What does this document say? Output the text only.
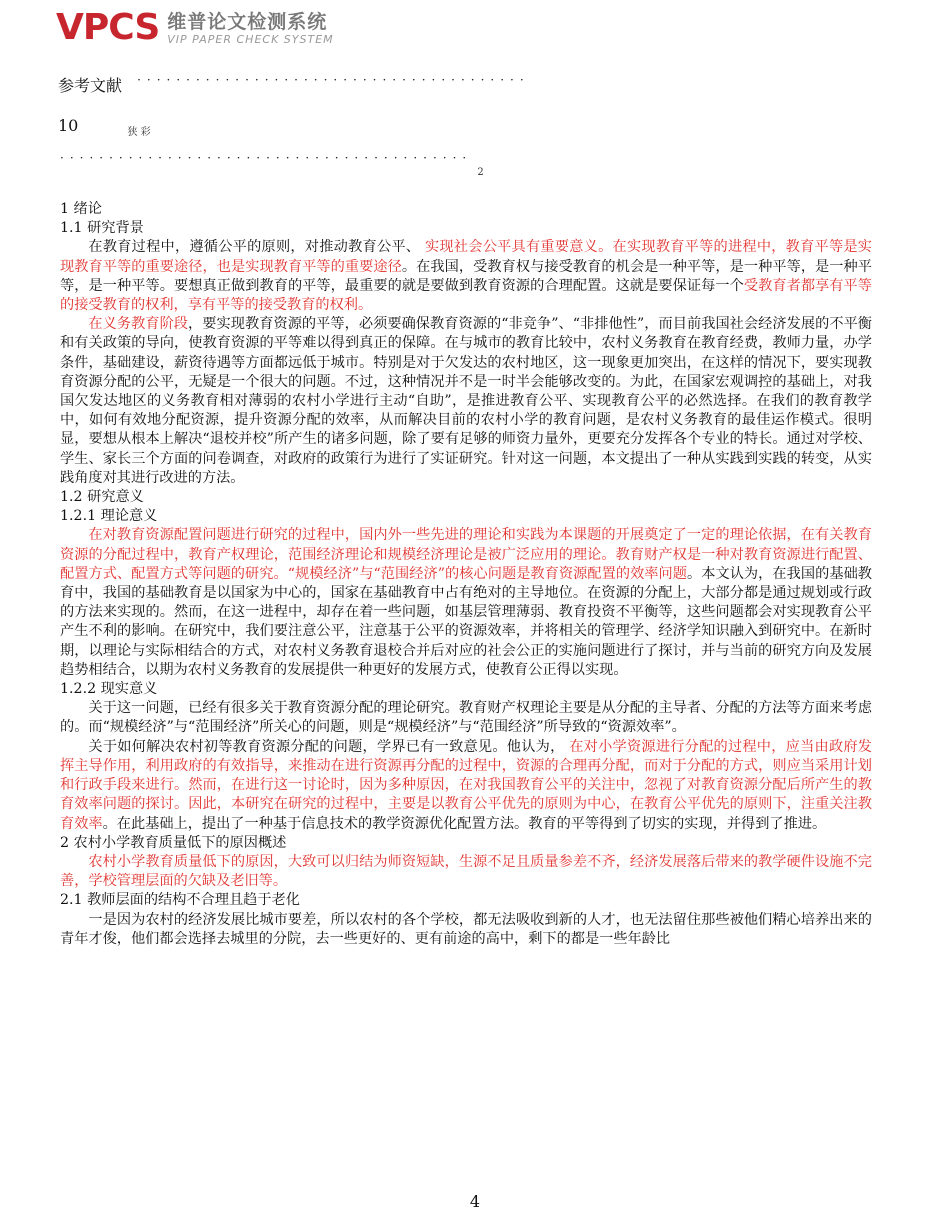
VPCS 维普论文检测系统
VIP PAPER CHECK SYSTEM
参考文献 ········································
10	$_{狭 彩}$
·········································· $_2$
1 绪论
1.1 研究背景

在教育过程中，遵循公平的原则，对推动教育公平、 实现社会公平具有重要意义。在实现教育平等的进程中，教育平等是实现教育平等的重要途径，也是实现教育平等的重要途径。在我国，受教育权与接受教育的机会是一种平等，是一种平等，是一种平等，是一种平等。要想真正做到教育的平等，最重要的就是要做到教育资源的合理配置。这就是要保证每一个受教育者都享有平等的接受教育的权利，享有平等的接受教育的权利。

在义务教育阶段，要实现教育资源的平等，必须要确保教育资源的“非竞争”、“非排他性”，而目前我国社会经济发展的不平衡和有关政策的导向，使教育资源的平等难以得到真正的保障。在与城市的教育比较中，农村义务教育在教育经费，教师力量，办学条件，基础建设，薪资待遇等方面都远低于城市。特别是对于欠发达的农村地区，这一现象更加突出，在这样的情况下，要实现教育资源分配的公平，无疑是一个很大的问题。不过，这种情况并不是一时半会能够改变的。为此，在国家宏观调控的基础上，对我国欠发达地区的义务教育相对薄弱的农村小学进行主动“自助”，是推进教育公平、实现教育公平的必然选择。在我们的教育教学中，如何有效地分配资源，提升资源分配的效率，从而解决目前的农村小学的教育问题，是农村义务教育的最佳运作模式。很明显，要想从根本上解决“退校并校”所产生的诸多问题，除了要有足够的师资力量外，更要充分发挥各个专业的特长。通过对学校、学生、家长三个方面的问卷调查，对政府的政策行为进行了实证研究。针对这一问题，本文提出了一种从实践到实践的转变，从实践角度对其进行改进的方法。

1.2 研究意义
1.2.1 理论意义

在对教育资源配置问题进行研究的过程中，国内外一些先进的理论和实践为本课题的开展奠定了一定的理论依据，在有关教育资源的分配过程中，教育产权理论，范围经济理论和规模经济理论是被广泛应用的理论。教育财产权是一种对教育资源进行配置、配置方式、配置方式等问题的研究。“规模经济”与“范围经济”的核心问题是教育资源配置的效率问题。本文认为，在我国的基础教育中，我国的基础教育是以国家为中心的，国家在基础教育中占有绝对的主导地位。在资源的分配上，大部分都是通过规划或行政的方法来实现的。然而，在这一进程中，却存在着一些问题，如基层管理薄弱、教育投资不平衡等，这些问题都会对实现教育公平产生不利的影响。在研究中，我们要注意公平，注意基于公平的资源效率，并将相关的管理学、经济学知识融入到研究中。在新时期，以理论与实际相结合的方式，对农村义务教育退校合并后对应的社会公正的实施问题进行了探讨，并与当前的研究方向及发展趋势相结合，以期为农村义务教育的发展提供一种更好的发展方式，使教育公正得以实现。

1.2.2 现实意义

关于这一问题，已经有很多关于教育资源分配的理论研究。教育财产权理论主要是从分配的主导者、分配的方法等方面来考虑的。而“规模经济”与“范围经济”所关心的问题，则是“规模经济”与“范围经济”所导致的“资源效率”。

关于如何解决农村初等教育资源分配的问题，学界已有一致意见。他认为， 在对小学资源进行分配的过程中，应当由政府发挥主导作用，利用政府的有效指导，来推动在进行资源再分配的过程中，资源的合理再分配，而对于分配的方式，则应当采用计划和行政手段来进行。然而，在进行这一讨论时，因为多种原因，在对我国教育公平的关注中，忽视了对教育资源分配后所产生的教育效率问题的探讨。因此，本研究在研究的过程中，主要是以教育公平优先的原则为中心，在教育公平优先的原则下，注重关注教育效率。在此基础上，提出了一种基于信息技术的教学资源优化配置方法。教育的平等得到了切实的实现，并得到了推进。

2 农村小学教育质量低下的原因概述

农村小学教育质量低下的原因，大致可以归结为师资短缺，生源不足且质量参差不齐，经济发展落后带来的教学硬件设施不完善，学校管理层面的欠缺及老旧等。

2.1 教师层面的结构不合理且趋于老化

一是因为农村的经济发展比城市要差，所以农村的各个学校，都无法吸收到新的人才，也无法留住那些被他们精心培养出来的青年才俊，他们都会选择去城里的分院，去一些更好的、更有前途的高中，剩下的都是一些年龄比

4
